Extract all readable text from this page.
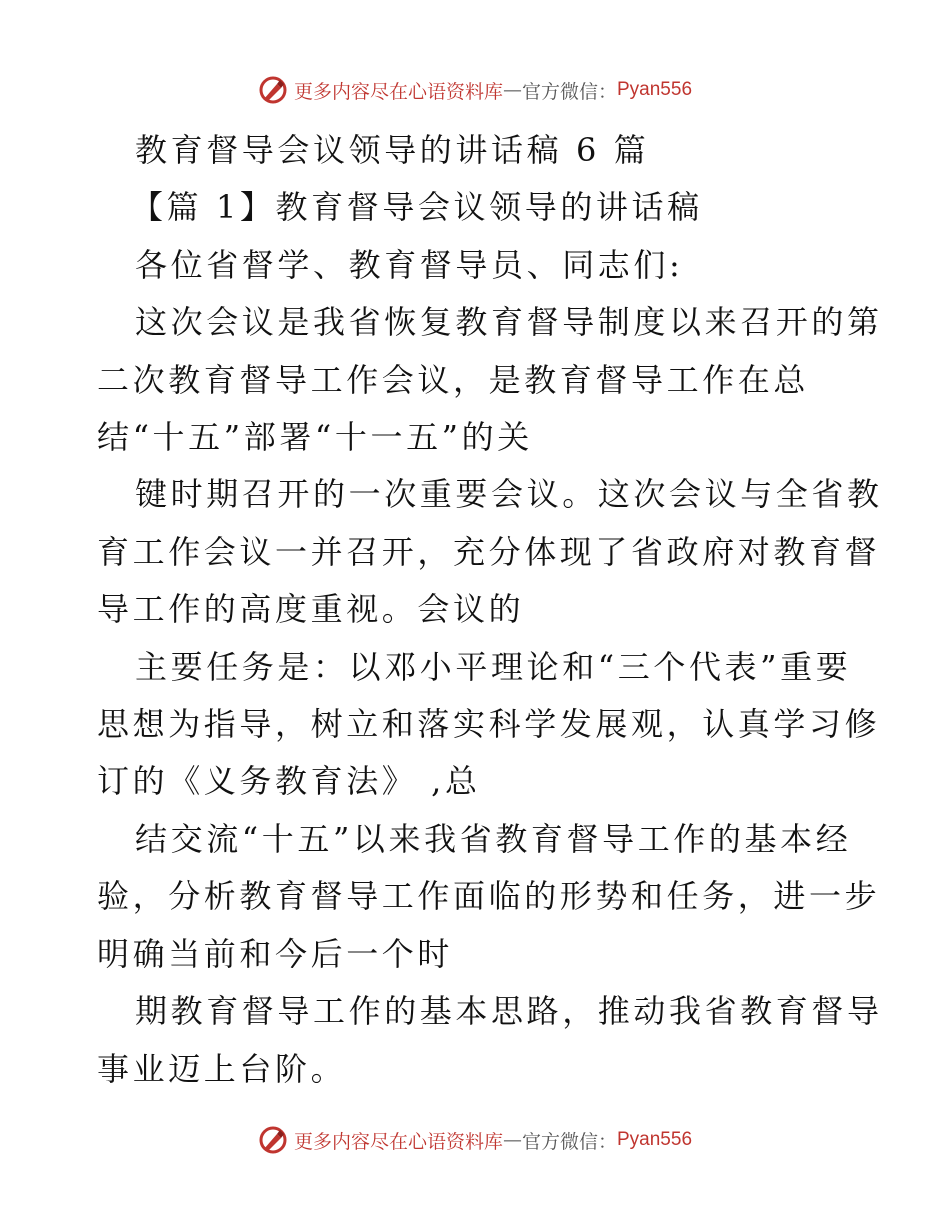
更多内容尽在心语资料库 — 官方微信： Pyan556

教育督导会议领导的讲话稿 6 篇

【篇 1】教育督导会议领导的讲话稿

各位省督学、教育督导员、同志们:

这次会议是我省恢复教育督导制度以来召开的第

二次教育督导工作会议，是教育督导工作在总

结“十五”部署“十一五”的关

键时期召开的一次重要会议。这次会议与全省教

育工作会议一并召开，充分体现了省政府对教育督

导工作的高度重视。会议的

主要任务是：以邓小平理论和“三个代表”重要

思想为指导，树立和落实科学发展观，认真学习修

订的《义务教育法》 ,总

结交流“十五”以来我省教育督导工作的基本经

验，分析教育督导工作面临的形势和任务，进一步

明确当前和今后一个时

期教育督导工作的基本思路，推动我省教育督导

事业迈上台阶。

更多内容尽在心语资料库 — 官方微信： Pyan556
